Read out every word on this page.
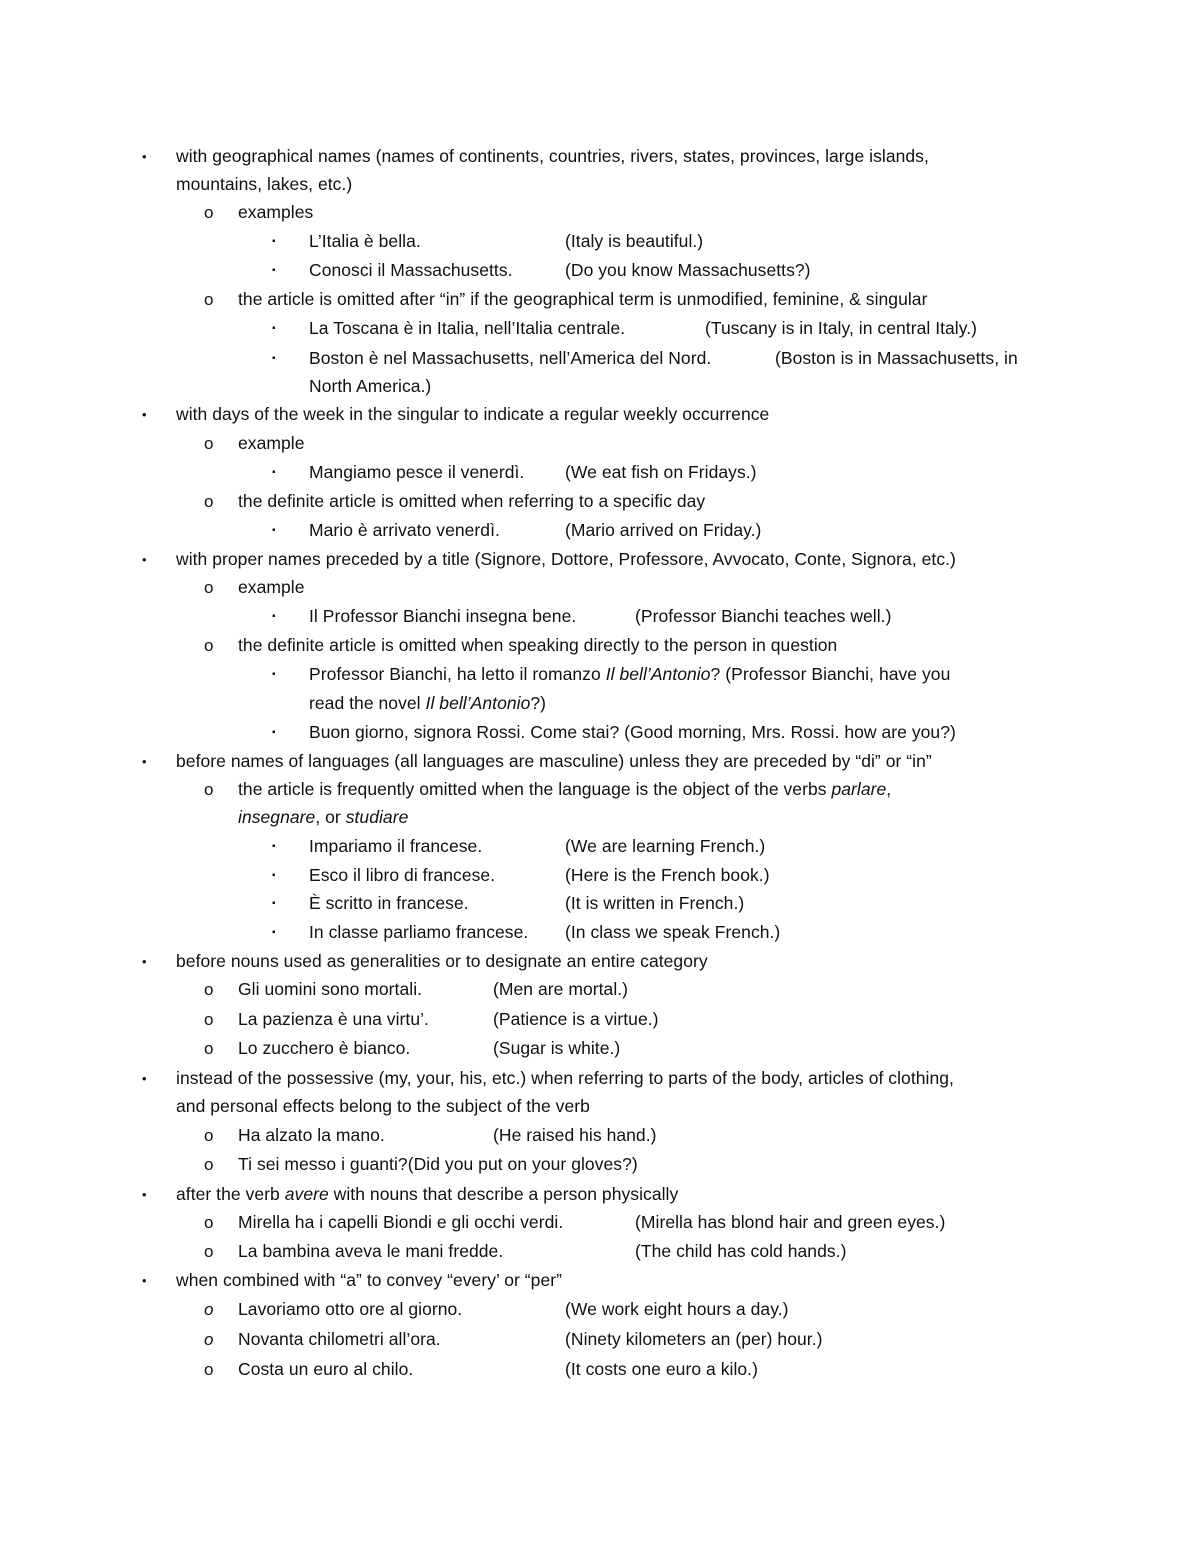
• with geographical names (names of continents, countries, rivers, states, provinces, large islands,
mountains, lakes, etc.)
o examples
▪ L’Italia è bella.	(Italy is beautiful.)
▪ Conosci il Massachusetts.	(Do you know Massachusetts?)
o the article is omitted after “in” if the geographical term is unmodified, feminine, & singular
▪ La Toscana è in Italia, nell’Italia centrale.	(Tuscany is in Italy, in central Italy.)
▪ Boston è nel Massachusetts, nell’America del Nord.	(Boston is in Massachusetts, in
North America.)
• with days of the week in the singular to indicate a regular weekly occurrence
o example
▪ Mangiamo pesce il venerdì. (We eat fish on Fridays.)
o the definite article is omitted when referring to a specific day
▪ Mario è arrivato venerdì.	(Mario arrived on Friday.)
• with proper names preceded by a title (Signore, Dottore, Professore, Avvocato, Conte, Signora, etc.)
o example
▪ Il Professor Bianchi insegna bene.	(Professor Bianchi teaches well.)
o the definite article is omitted when speaking directly to the person in question
▪ Professor Bianchi, ha letto il romanzo Il bell’Antonio? (Professor Bianchi, have you
read the novel Il bell’Antonio?)
▪ Buon giorno, signora Rossi. Come stai? (Good morning, Mrs. Rossi. how are you?)
• before names of languages (all languages are masculine) unless they are preceded by “di” or “in”
o the article is frequently omitted when the language is the object of the verbs parlare,
insegnare, or studiare
▪ Impariamo il francese.	(We are learning French.)
▪ Esco il libro di francese.	(Here is the French book.)
▪ È scritto in francese.	(It is written in French.)
▪ In classe parliamo francese. (In class we speak French.)
• before nouns used as generalities or to designate an entire category
o Gli uomini sono mortali.	(Men are mortal.)
o La pazienza è una virtu’.	(Patience is a virtue.)
o Lo zucchero è bianco.	(Sugar is white.)
• instead of the possessive (my, your, his, etc.) when referring to parts of the body, articles of clothing,
and personal effects belong to the subject of the verb
o Ha alzato la mano.	(He raised his hand.)
o Ti sei messo i guanti?(Did you put on your gloves?)
• after the verb avere with nouns that describe a person physically
o Mirella ha i capelli Biondi e gli occhi verdi.	(Mirella has blond hair and green eyes.)
o La bambina aveva le mani fredde.	(The child has cold hands.)
• when combined with “a” to convey “every’ or “per”
o Lavoriamo otto ore al giorno.	(We work eight hours a day.)
o Novanta chilometri all’ora.	(Ninety kilometers an (per) hour.)
o Costa un euro al chilo.	(It costs one euro a kilo.)
